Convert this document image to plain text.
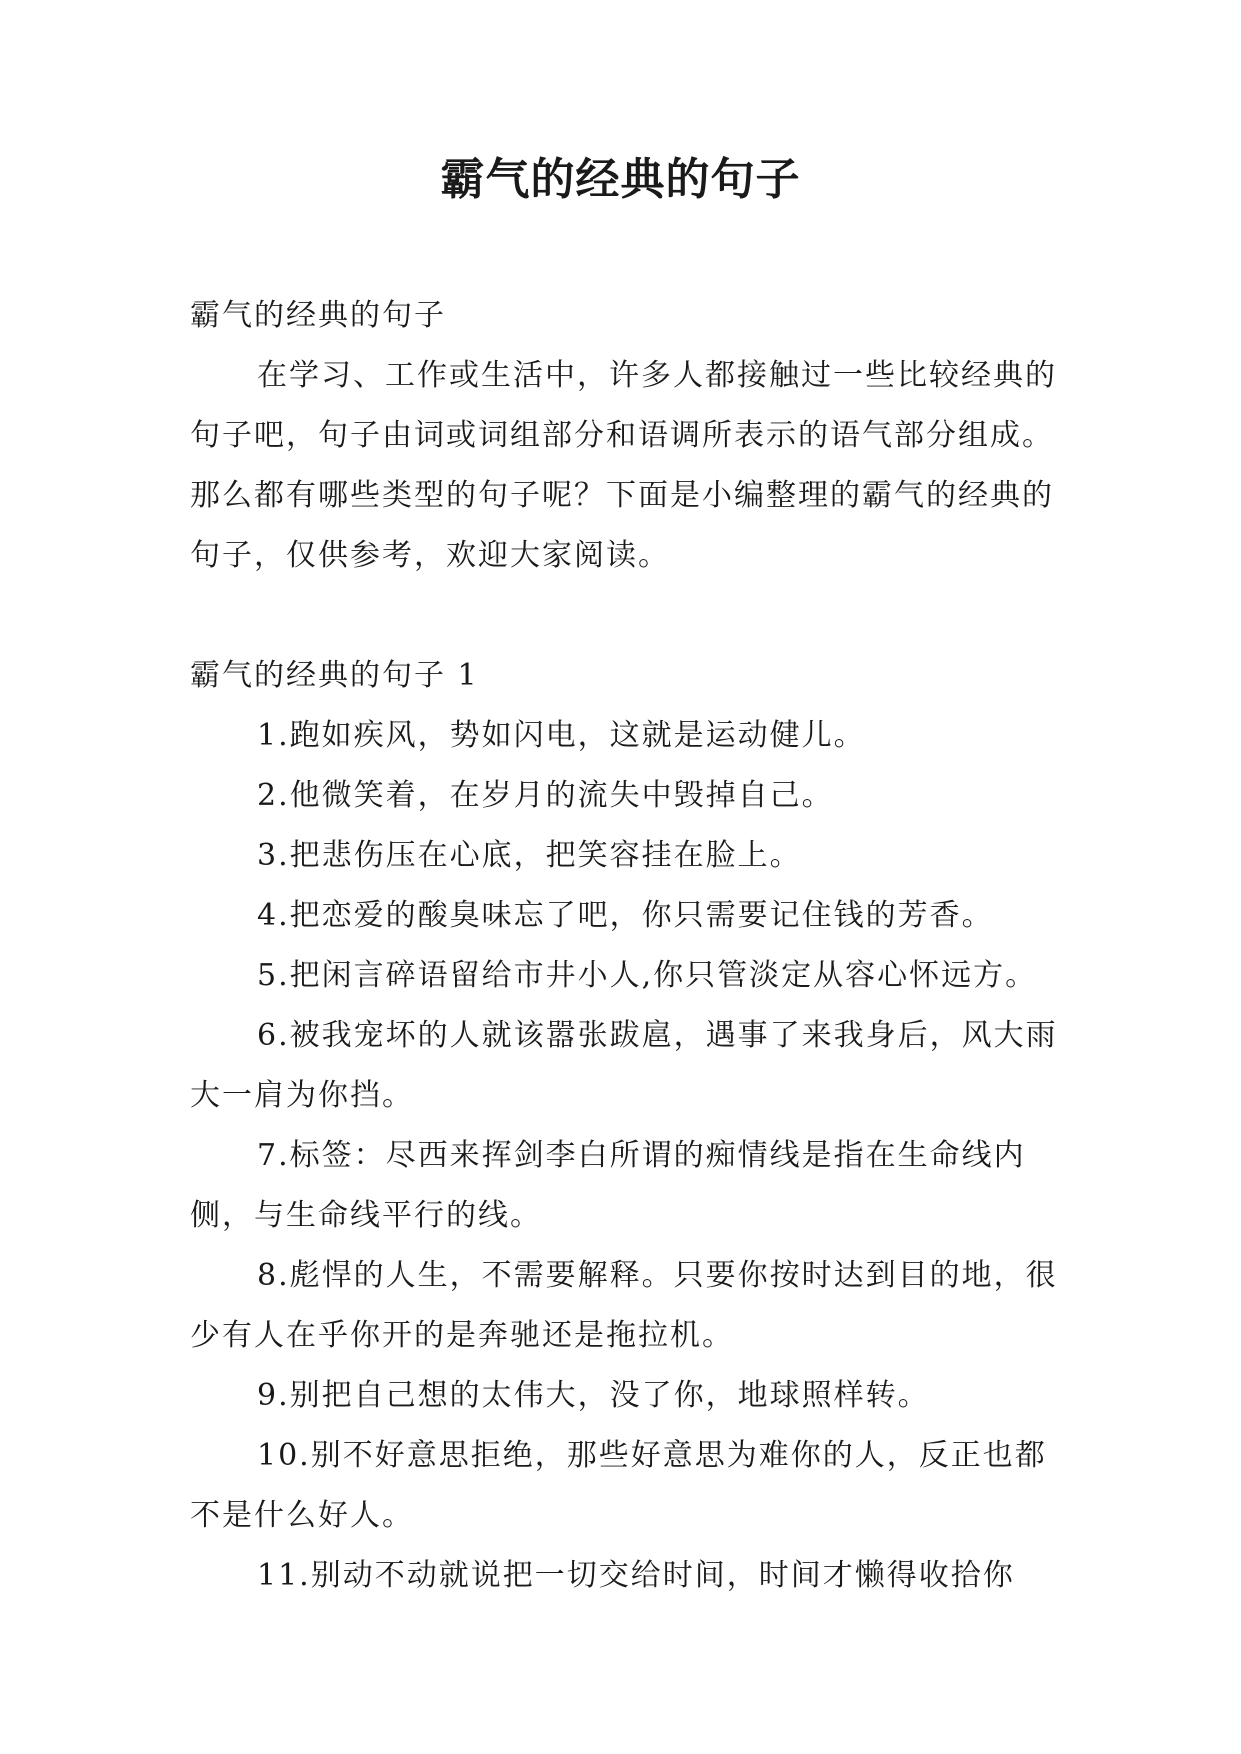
霸气的经典的句子

霸气的经典的句子

在学习、工作或生活中，许多人都接触过一些比较经典的句子吧，句子由词或词组部分和语调所表示的语气部分组成。那么都有哪些类型的句子呢？下面是小编整理的霸气的经典的句子，仅供参考，欢迎大家阅读。

霸气的经典的句子 1

1.跑如疾风，势如闪电，这就是运动健儿。

2.他微笑着，在岁月的流失中毁掉自己。

3.把悲伤压在心底，把笑容挂在脸上。

4.把恋爱的酸臭味忘了吧，你只需要记住钱的芳香。

5.把闲言碎语留给市井小人,你只管淡定从容心怀远方。

6.被我宠坏的人就该嚣张跋扈，遇事了来我身后，风大雨大一肩为你挡。

7.标签：尽西来挥剑李白所谓的痴情线是指在生命线内侧，与生命线平行的线。

8.彪悍的人生，不需要解释。只要你按时达到目的地，很少有人在乎你开的是奔驰还是拖拉机。

9.别把自己想的太伟大，没了你，地球照样转。

10.别不好意思拒绝，那些好意思为难你的人，反正也都不是什么好人。

11.别动不动就说把一切交给时间，时间才懒得收拾你
